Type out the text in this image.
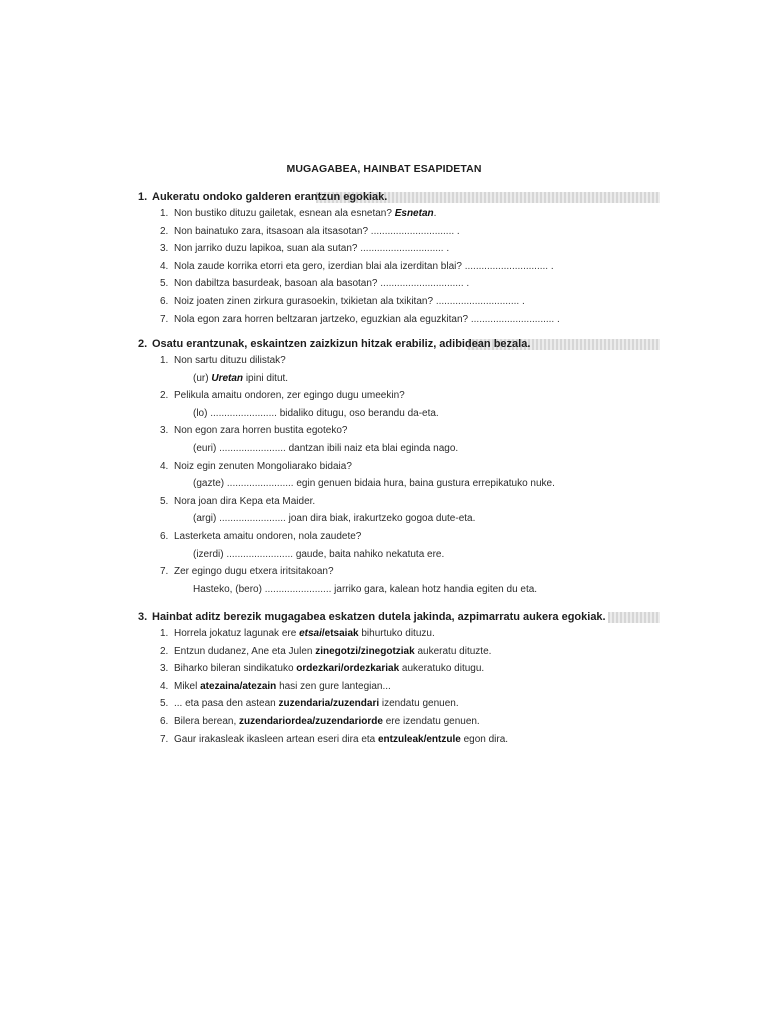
MUGAGABEA, HAINBAT ESAPIDETAN
1. Aukeratu ondoko galderen erantzun egokiak.
1. Non bustiko dituzu gailetak, esnean ala esnetan? Esnetan.
2. Non bainatuko zara, itsasoan ala itsasotan? .............................. .
3. Non jarriko duzu lapikoa, suan ala sutan? .............................. .
4. Nola zaude korrika etorri eta gero, izerdian blai ala izerditan blai? .............................. .
5. Non dabiltza basurdeak, basoan ala basotan? .............................. .
6. Noiz joaten zinen zirkura gurasoekin, txikietan ala txikitan? .............................. .
7. Nola egon zara horren beltzaran jartzeko, eguzkian ala eguzkitan? .............................. .
2. Osatu erantzunak, eskaintzen zaizkizun hitzak erabiliz, adibidean bezala.
1. Non sartu dituzu dilistak?
(ur) Uretan ipini ditut.
2. Pelikula amaitu ondoren, zer egingo dugu umeekin?
(lo) ........................ bidaliko ditugu, oso berandu da-eta.
3. Non egon zara horren bustita egoteko?
(euri) ........................ dantzan ibili naiz eta blai eginda nago.
4. Noiz egin zenuten Mongoliarako bidaia?
(gazte) ........................ egin genuen bidaia hura, baina gustura errepikatuko nuke.
5. Nora joan dira Kepa eta Maider.
(argi) ........................ joan dira biak, irakurtzeko gogoa dute-eta.
6. Lasterketa amaitu ondoren, nola zaudete?
(izerdi) ........................ gaude, baita nahiko nekatuta ere.
7. Zer egingo dugu etxera iritsitakoan?
Hasteko, (bero) ........................ jarriko gara, kalean hotz handia egiten du eta.
3. Hainbat aditz berezik mugagabea eskatzen dutela jakinda, azpimarratu aukera egokiak.
1. Horrela jokatuz lagunak ere etsai/etsaiak bihurtuko dituzu.
2. Entzun dudanez, Ane eta Julen zinegotzi/zinegotziak aukeratu dituzte.
3. Biharko bileran sindikatuko ordezkari/ordezkariak aukeratuko ditugu.
4. Mikel atezaina/atezain hasi zen gure lantegian...
5. ... eta pasa den astean zuzendaria/zuzendari izendatu genuen.
6. Bilera berean, zuzendariordea/zuzendariorde ere izendatu genuen.
7. Gaur irakasleak ikasleen artean eseri dira eta entzuleak/entzule egon dira.
